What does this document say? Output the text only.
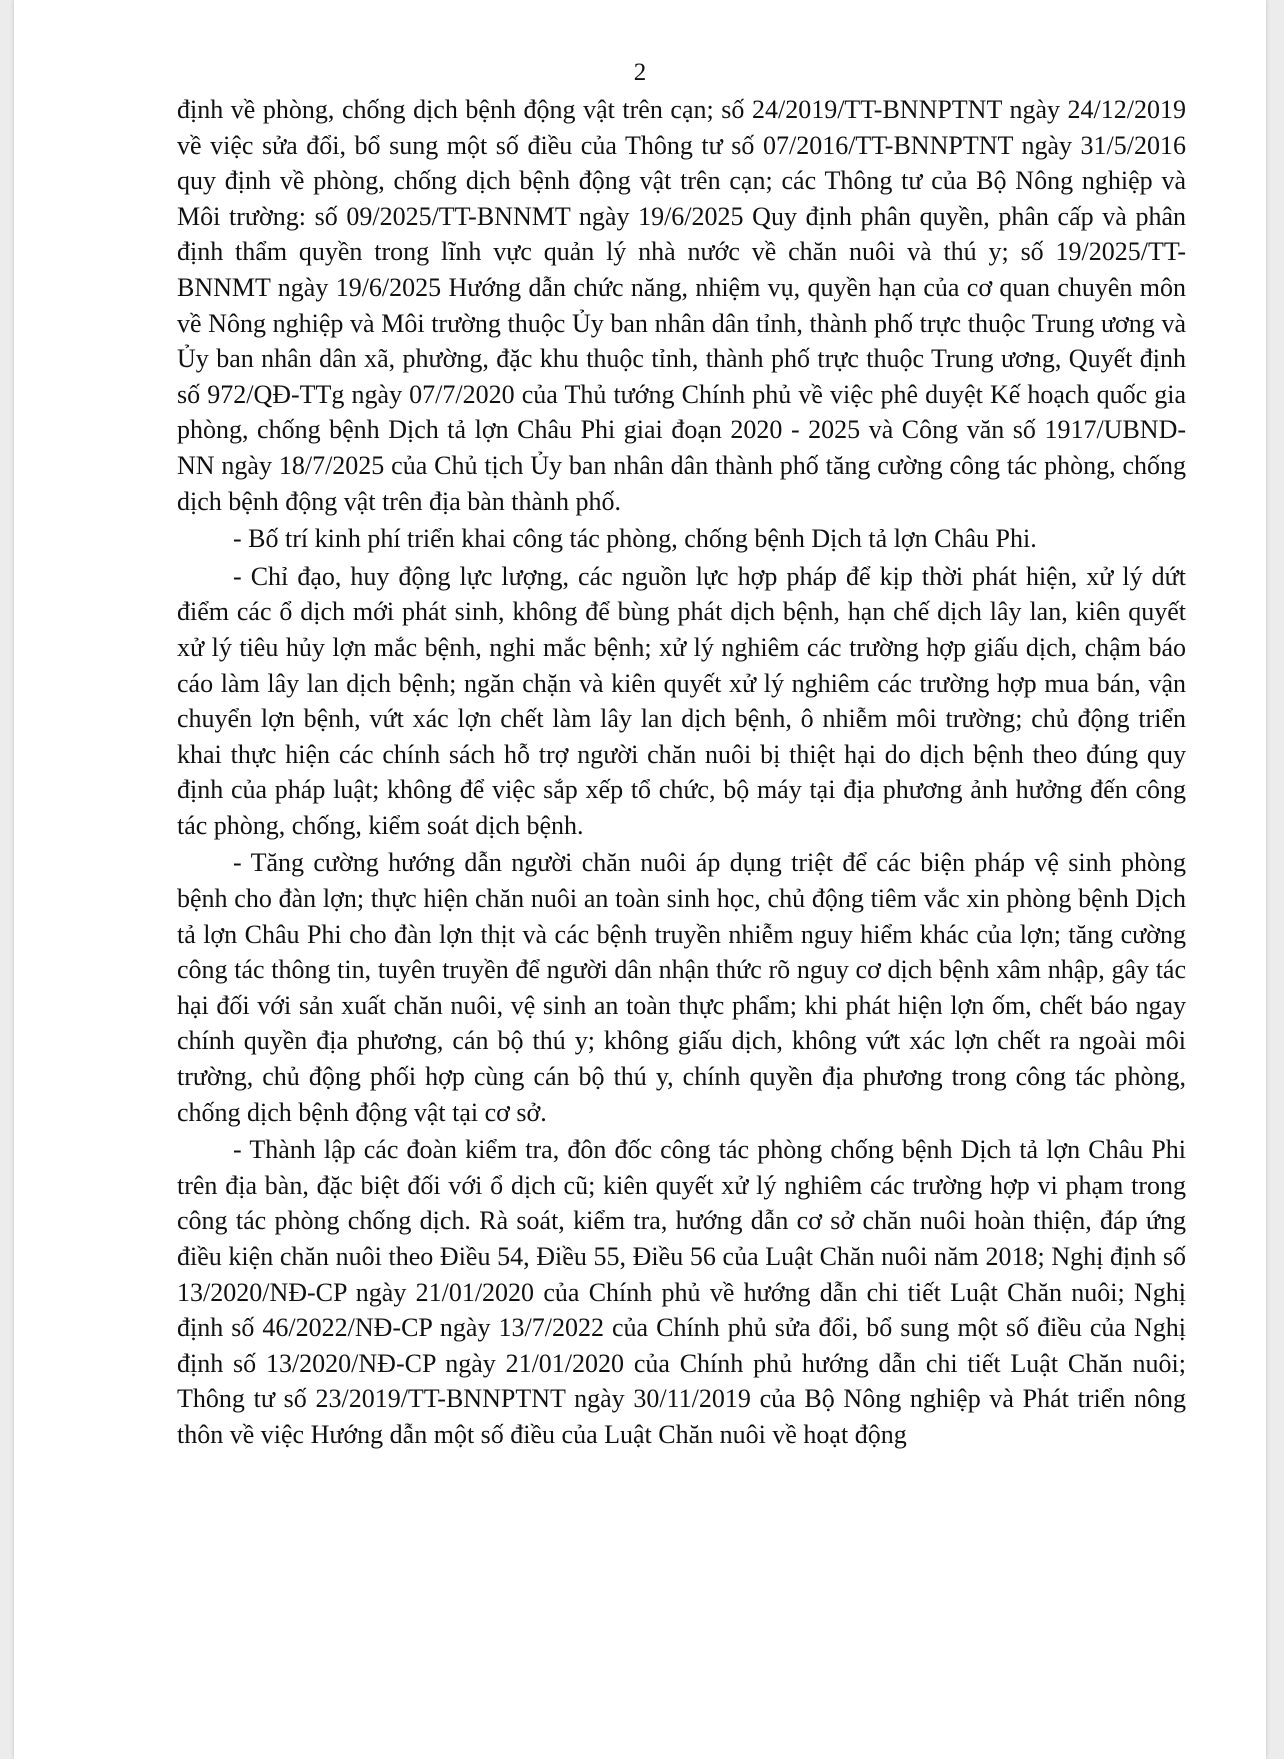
2

định về phòng, chống dịch bệnh động vật trên cạn; số 24/2019/TT-BNNPTNT ngày 24/12/2019 về việc sửa đổi, bổ sung một số điều của Thông tư số 07/2016/TT-BNNPTNT ngày 31/5/2016 quy định về phòng, chống dịch bệnh động vật trên cạn; các Thông tư của Bộ Nông nghiệp và Môi trường: số 09/2025/TT-BNNMT ngày 19/6/2025 Quy định phân quyền, phân cấp và phân định thẩm quyền trong lĩnh vực quản lý nhà nước về chăn nuôi và thú y; số 19/2025/TT-BNNMT ngày 19/6/2025 Hướng dẫn chức năng, nhiệm vụ, quyền hạn của cơ quan chuyên môn về Nông nghiệp và Môi trường thuộc Ủy ban nhân dân tỉnh, thành phố trực thuộc Trung ương và Ủy ban nhân dân xã, phường, đặc khu thuộc tỉnh, thành phố trực thuộc Trung ương, Quyết định số 972/QĐ-TTg ngày 07/7/2020 của Thủ tướng Chính phủ về việc phê duyệt Kế hoạch quốc gia phòng, chống bệnh Dịch tả lợn Châu Phi giai đoạn 2020 - 2025 và Công văn số 1917/UBND-NN ngày 18/7/2025 của Chủ tịch Ủy ban nhân dân thành phố tăng cường công tác phòng, chống dịch bệnh động vật trên địa bàn thành phố.

- Bố trí kinh phí triển khai công tác phòng, chống bệnh Dịch tả lợn Châu Phi.

- Chỉ đạo, huy động lực lượng, các nguồn lực hợp pháp để kịp thời phát hiện, xử lý dứt điểm các ổ dịch mới phát sinh, không để bùng phát dịch bệnh, hạn chế dịch lây lan, kiên quyết xử lý tiêu hủy lợn mắc bệnh, nghi mắc bệnh; xử lý nghiêm các trường hợp giấu dịch, chậm báo cáo làm lây lan dịch bệnh; ngăn chặn và kiên quyết xử lý nghiêm các trường hợp mua bán, vận chuyển lợn bệnh, vứt xác lợn chết làm lây lan dịch bệnh, ô nhiễm môi trường; chủ động triển khai thực hiện các chính sách hỗ trợ người chăn nuôi bị thiệt hại do dịch bệnh theo đúng quy định của pháp luật; không để việc sắp xếp tổ chức, bộ máy tại địa phương ảnh hưởng đến công tác phòng, chống, kiểm soát dịch bệnh.

- Tăng cường hướng dẫn người chăn nuôi áp dụng triệt để các biện pháp vệ sinh phòng bệnh cho đàn lợn; thực hiện chăn nuôi an toàn sinh học, chủ động tiêm vắc xin phòng bệnh Dịch tả lợn Châu Phi cho đàn lợn thịt và các bệnh truyền nhiễm nguy hiểm khác của lợn; tăng cường công tác thông tin, tuyên truyền để người dân nhận thức rõ nguy cơ dịch bệnh xâm nhập, gây tác hại đối với sản xuất chăn nuôi, vệ sinh an toàn thực phẩm; khi phát hiện lợn ốm, chết báo ngay chính quyền địa phương, cán bộ thú y; không giấu dịch, không vứt xác lợn chết ra ngoài môi trường, chủ động phối hợp cùng cán bộ thú y, chính quyền địa phương trong công tác phòng, chống dịch bệnh động vật tại cơ sở.

- Thành lập các đoàn kiểm tra, đôn đốc công tác phòng chống bệnh Dịch tả lợn Châu Phi trên địa bàn, đặc biệt đối với ổ dịch cũ; kiên quyết xử lý nghiêm các trường hợp vi phạm trong công tác phòng chống dịch. Rà soát, kiểm tra, hướng dẫn cơ sở chăn nuôi hoàn thiện, đáp ứng điều kiện chăn nuôi theo Điều 54, Điều 55, Điều 56 của Luật Chăn nuôi năm 2018; Nghị định số 13/2020/NĐ-CP ngày 21/01/2020 của Chính phủ về hướng dẫn chi tiết Luật Chăn nuôi; Nghị định số 46/2022/NĐ-CP ngày 13/7/2022 của Chính phủ sửa đổi, bổ sung một số điều của Nghị định số 13/2020/NĐ-CP ngày 21/01/2020 của Chính phủ hướng dẫn chi tiết Luật Chăn nuôi; Thông tư số 23/2019/TT-BNNPTNT ngày 30/11/2019 của Bộ Nông nghiệp và Phát triển nông thôn về việc Hướng dẫn một số điều của Luật Chăn nuôi về hoạt động
